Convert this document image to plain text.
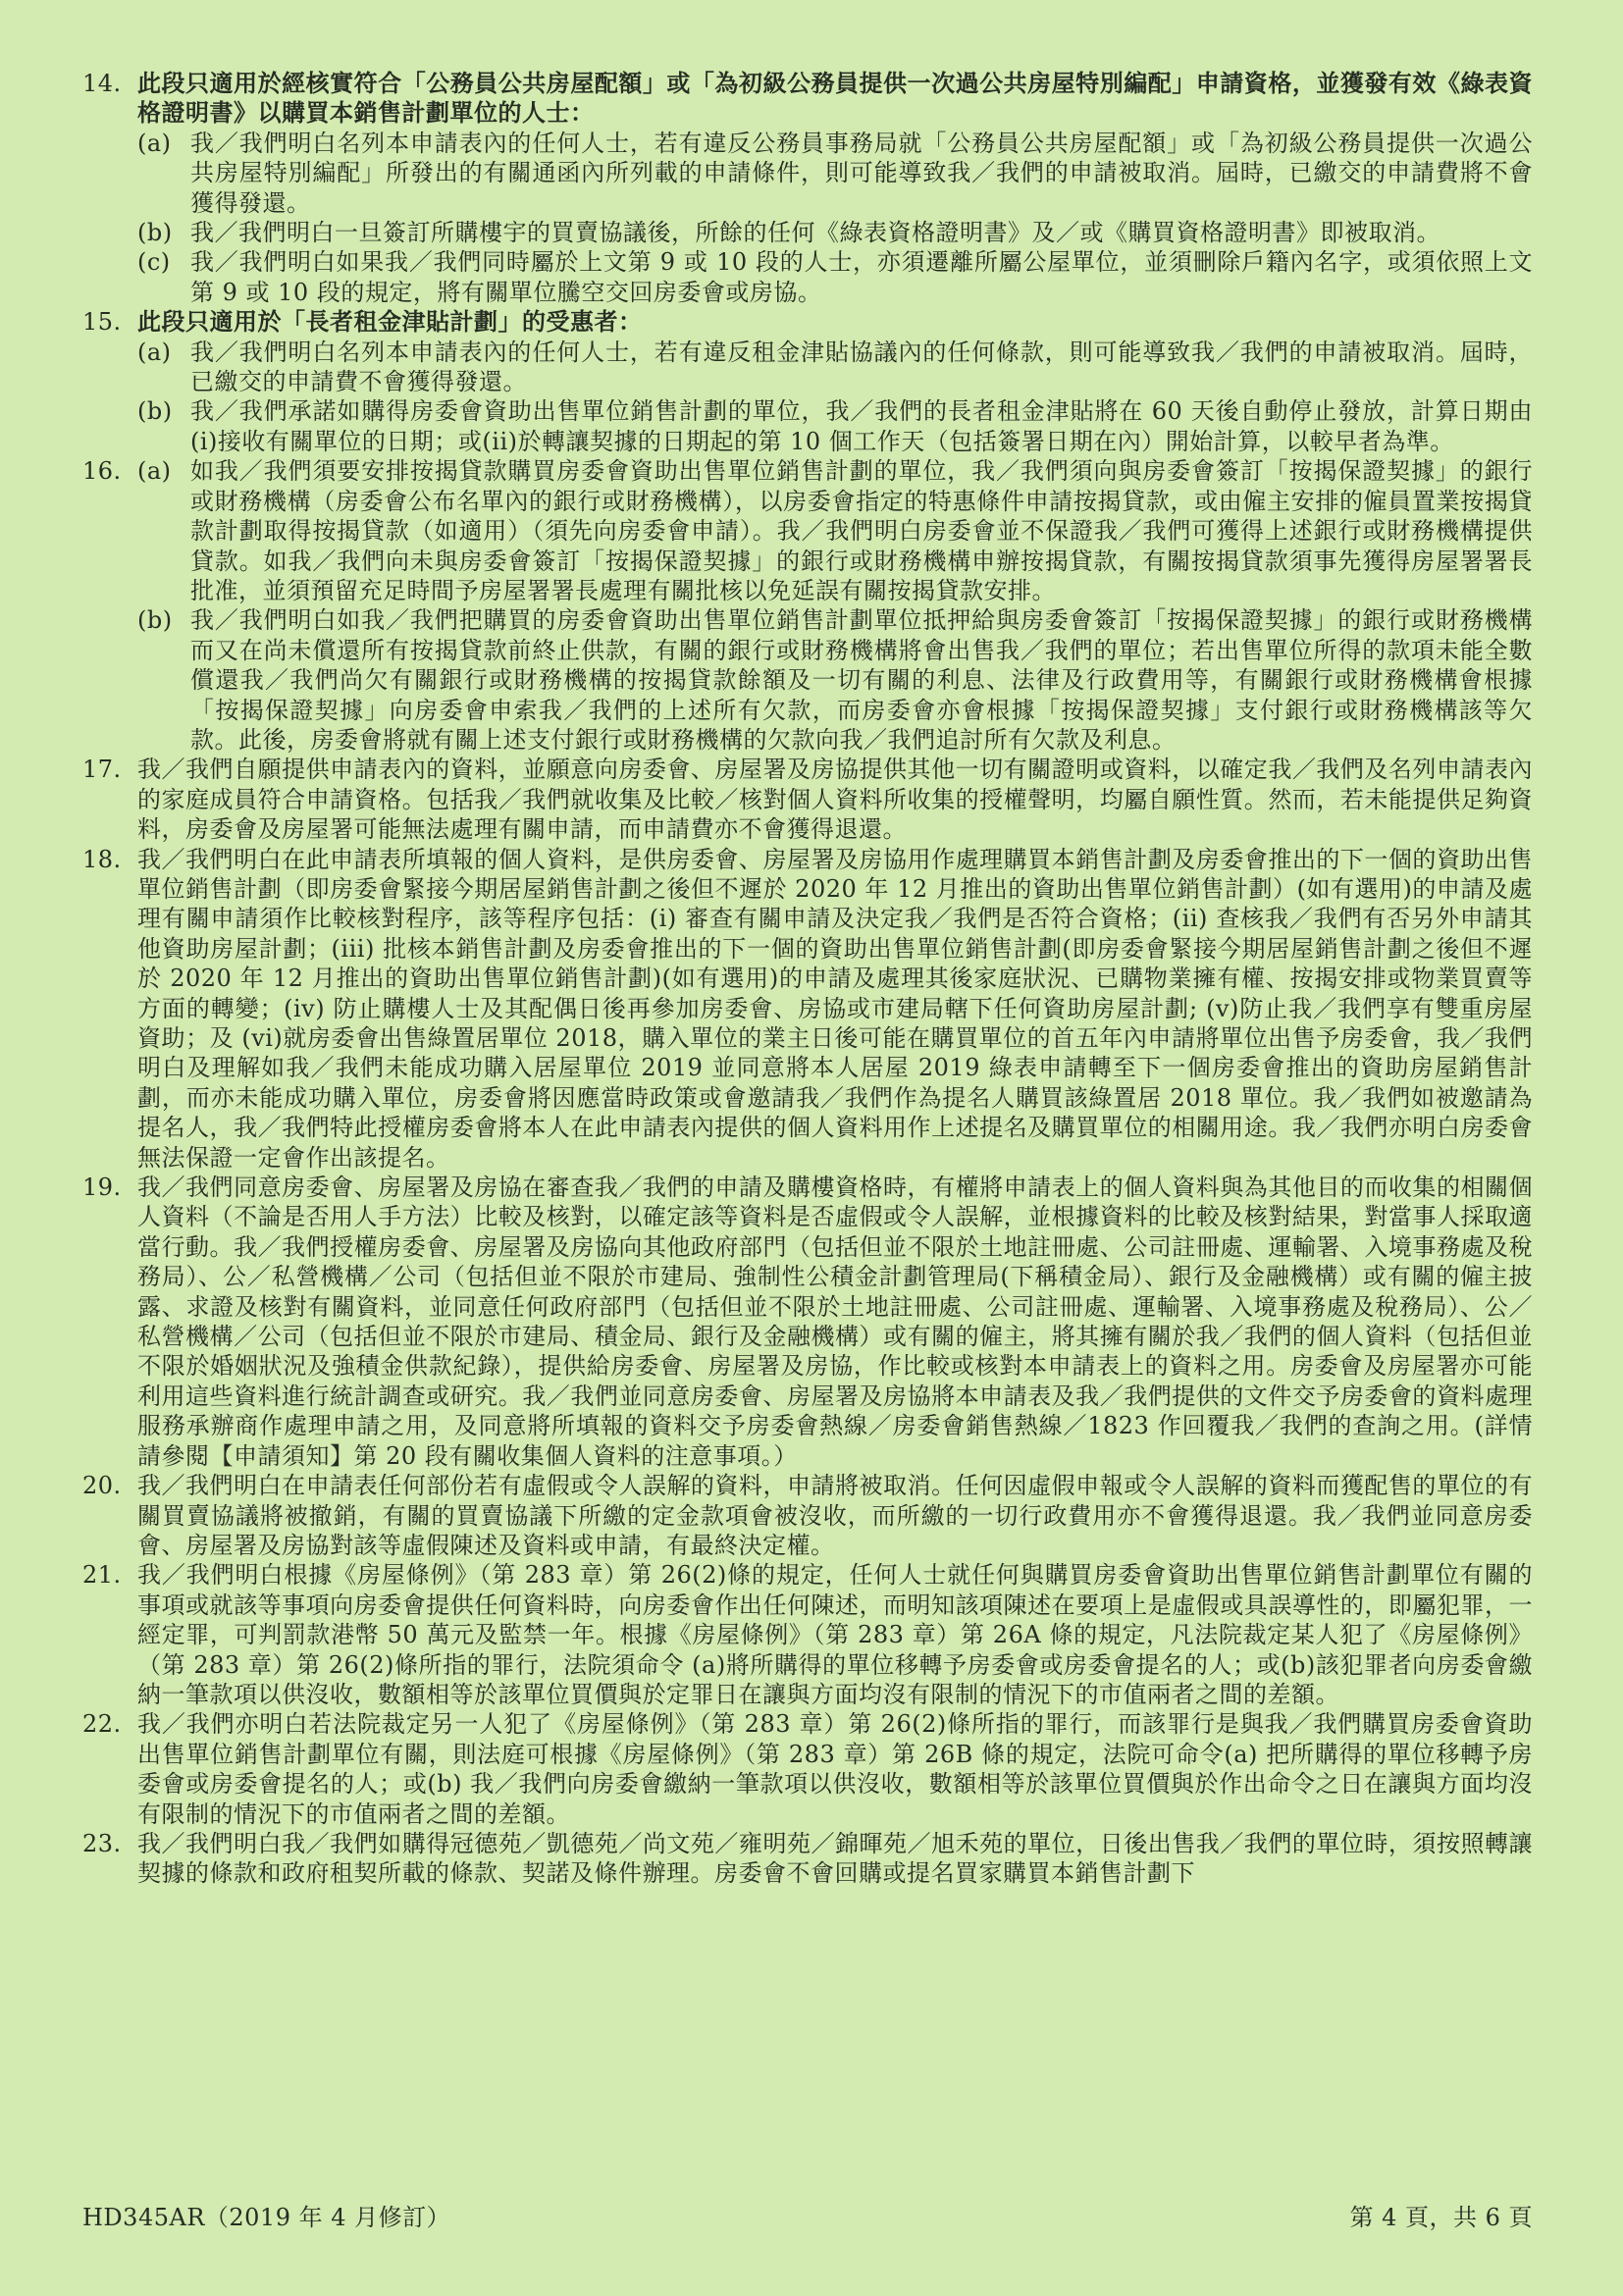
14. 此段只適用於經核實符合「公務員公共房屋配額」或「為初級公務員提供一次過公共房屋特別編配」申請資格，並獲發有效《綠表資格證明書》以購買本銷售計劃單位的人士：
(a) 我／我們明白名列本申請表內的任何人士，若有違反公務員事務局就「公務員公共房屋配額」或「為初級公務員提供一次過公共房屋特別編配」所發出的有關通函內所列載的申請條件，則可能導致我／我們的申請被取消。屆時，已繳交的申請費將不會獲得發還。
(b) 我／我們明白一旦簽訂所購樓宇的買賣協議後，所餘的任何《綠表資格證明書》及／或《購買資格證明書》即被取消。
(c) 我／我們明白如果我／我們同時屬於上文第 9 或 10 段的人士，亦須遷離所屬公屋單位，並須刪除戶籍內名字，或須依照上文第 9 或 10 段的規定，將有關單位騰空交回房委會或房協。
15. 此段只適用於「長者租金津貼計劃」的受惠者：
(a) 我／我們明白名列本申請表內的任何人士，若有違反租金津貼協議內的任何條款，則可能導致我／我們的申請被取消。屆時，已繳交的申請費不會獲得發還。
(b) 我／我們承諾如購得房委會資助出售單位銷售計劃的單位，我／我們的長者租金津貼將在 60 天後自動停止發放，計算日期由(i)接收有關單位的日期；或(ii)於轉讓契據的日期起的第 10 個工作天（包括簽署日期在內）開始計算，以較早者為準。
16. (a) 如我／我們須要安排按揭貸款購買房委會資助出售單位銷售計劃的單位，我／我們須向與房委會簽訂「按揭保證契據」的銀行或財務機構（房委會公布名單內的銀行或財務機構），以房委會指定的特惠條件申請按揭貸款，或由僱主安排的僱員置業按揭貸款計劃取得按揭貸款（如適用）（須先向房委會申請）。我／我們明白房委會並不保證我／我們可獲得上述銀行或財務機構提供貸款。如我／我們向未與房委會簽訂「按揭保證契據」的銀行或財務機構申辦按揭貸款，有關按揭貸款須事先獲得房屋署署長批准，並須預留充足時間予房屋署署長處理有關批核以免延誤有關按揭貸款安排。
(b) 我／我們明白如我／我們把購買的房委會資助出售單位銷售計劃單位抵押給與房委會簽訂「按揭保證契據」的銀行或財務機構而又在尚未償還所有按揭貸款前終止供款，有關的銀行或財務機構將會出售我／我們的單位；若出售單位所得的款項未能全數償還我／我們尚欠有關銀行或財務機構的按揭貸款餘額及一切有關的利息、法律及行政費用等，有關銀行或財務機構會根據「按揭保證契據」向房委會申索我／我們的上述所有欠款，而房委會亦會根據「按揭保證契據」支付銀行或財務機構該等欠款。此後，房委會將就有關上述支付銀行或財務機構的欠款向我／我們追討所有欠款及利息。
17. 我／我們自願提供申請表內的資料，並願意向房委會、房屋署及房協提供其他一切有關證明或資料，以確定我／我們及名列申請表內的家庭成員符合申請資格。包括我／我們就收集及比較／核對個人資料所收集的授權聲明，均屬自願性質。然而，若未能提供足夠資料，房委會及房屋署可能無法處理有關申請，而申請費亦不會獲得退還。
18. 我／我們明白在此申請表所填報的個人資料，是供房委會、房屋署及房協用作處理購買本銷售計劃及房委會推出的下一個的資助出售單位銷售計劃（即房委會緊接今期居屋銷售計劃之後但不遲於 2020 年 12 月推出的資助出售單位銷售計劃）(如有選用)的申請及處理有關申請須作比較核對程序，該等程序包括：(i) 審查有關申請及決定我／我們是否符合資格；(ii) 查核我／我們有否另外申請其他資助房屋計劃；(iii) 批核本銷售計劃及房委會推出的下一個的資助出售單位銷售計劃(即房委會緊接今期居屋銷售計劃之後但不遲於 2020 年 12 月推出的資助出售單位銷售計劃)(如有選用)的申請及處理其後家庭狀況、已購物業擁有權、按揭安排或物業買賣等方面的轉變；(iv) 防止購樓人士及其配偶日後再參加房委會、房協或市建局轄下任何資助房屋計劃; (v)防止我／我們享有雙重房屋資助；及 (vi)就房委會出售綠置居單位 2018，購入單位的業主日後可能在購買單位的首五年內申請將單位出售予房委會，我／我們明白及理解如我／我們未能成功購入居屋單位 2019 並同意將本人居屋 2019 綠表申請轉至下一個房委會推出的資助房屋銷售計劃，而亦未能成功購入單位，房委會將因應當時政策或會邀請我／我們作為提名人購買該綠置居 2018 單位。我／我們如被邀請為提名人，我／我們特此授權房委會將本人在此申請表內提供的個人資料用作上述提名及購買單位的相關用途。我／我們亦明白房委會無法保證一定會作出該提名。
19. 我／我們同意房委會、房屋署及房協在審查我／我們的申請及購樓資格時，有權將申請表上的個人資料與為其他目的而收集的相關個人資料（不論是否用人手方法）比較及核對，以確定該等資料是否虛假或令人誤解，並根據資料的比較及核對結果，對當事人採取適當行動。我／我們授權房委會、房屋署及房協向其他政府部門（包括但並不限於土地註冊處、公司註冊處、運輸署、入境事務處及稅務局）、公／私營機構／公司（包括但並不限於市建局、強制性公積金計劃管理局(下稱積金局）、銀行及金融機構）或有關的僱主披露、求證及核對有關資料，並同意任何政府部門（包括但並不限於土地註冊處、公司註冊處、運輸署、入境事務處及稅務局）、公／私營機構／公司（包括但並不限於市建局、積金局、銀行及金融機構）或有關的僱主，將其擁有關於我／我們的個人資料（包括但並不限於婚姻狀況及強積金供款紀錄），提供給房委會、房屋署及房協，作比較或核對本申請表上的資料之用。房委會及房屋署亦可能利用這些資料進行統計調查或研究。我／我們並同意房委會、房屋署及房協將本申請表及我／我們提供的文件交予房委會的資料處理服務承辦商作處理申請之用，及同意將所填報的資料交予房委會熱線／房委會銷售熱線／1823 作回覆我／我們的查詢之用。(詳情請參閱【申請須知】第 20 段有關收集個人資料的注意事項。）
20. 我／我們明白在申請表任何部份若有虛假或令人誤解的資料，申請將被取消。任何因虛假申報或令人誤解的資料而獲配售的單位的有關買賣協議將被撤銷，有關的買賣協議下所繳的定金款項會被沒收，而所繳的一切行政費用亦不會獲得退還。我／我們並同意房委會、房屋署及房協對該等虛假陳述及資料或申請，有最終決定權。
21. 我／我們明白根據《房屋條例》（第 283 章）第 26(2)條的規定，任何人士就任何與購買房委會資助出售單位銷售計劃單位有關的事項或就該等事項向房委會提供任何資料時，向房委會作出任何陳述，而明知該項陳述在要項上是虛假或具誤導性的，即屬犯罪，一經定罪，可判罰款港幣 50 萬元及監禁一年。根據《房屋條例》（第 283 章）第 26A 條的規定，凡法院裁定某人犯了《房屋條例》（第 283 章）第 26(2)條所指的罪行，法院須命令 (a)將所購得的單位移轉予房委會或房委會提名的人；或(b)該犯罪者向房委會繳納一筆款項以供沒收，數額相等於該單位買價與於定罪日在讓與方面均沒有限制的情況下的市值兩者之間的差額。
22. 我／我們亦明白若法院裁定另一人犯了《房屋條例》（第 283 章）第 26(2)條所指的罪行，而該罪行是與我／我們購買房委會資助出售單位銷售計劃單位有關，則法庭可根據《房屋條例》（第 283 章）第 26B 條的規定，法院可命令(a) 把所購得的單位移轉予房委會或房委會提名的人；或(b) 我／我們向房委會繳納一筆款項以供沒收，數額相等於該單位買價與於作出命令之日在讓與方面均沒有限制的情況下的市值兩者之間的差額。
23. 我／我們明白我／我們如購得冠德苑／凱德苑／尚文苑／雍明苑／錦暉苑／旭禾苑的單位，日後出售我／我們的單位時，須按照轉讓契據的條款和政府租契所載的條款、契諾及條件辦理。房委會不會回購或提名買家購買本銷售計劃下
HD345AR（2019 年 4 月修訂）	第 4 頁，共 6 頁
